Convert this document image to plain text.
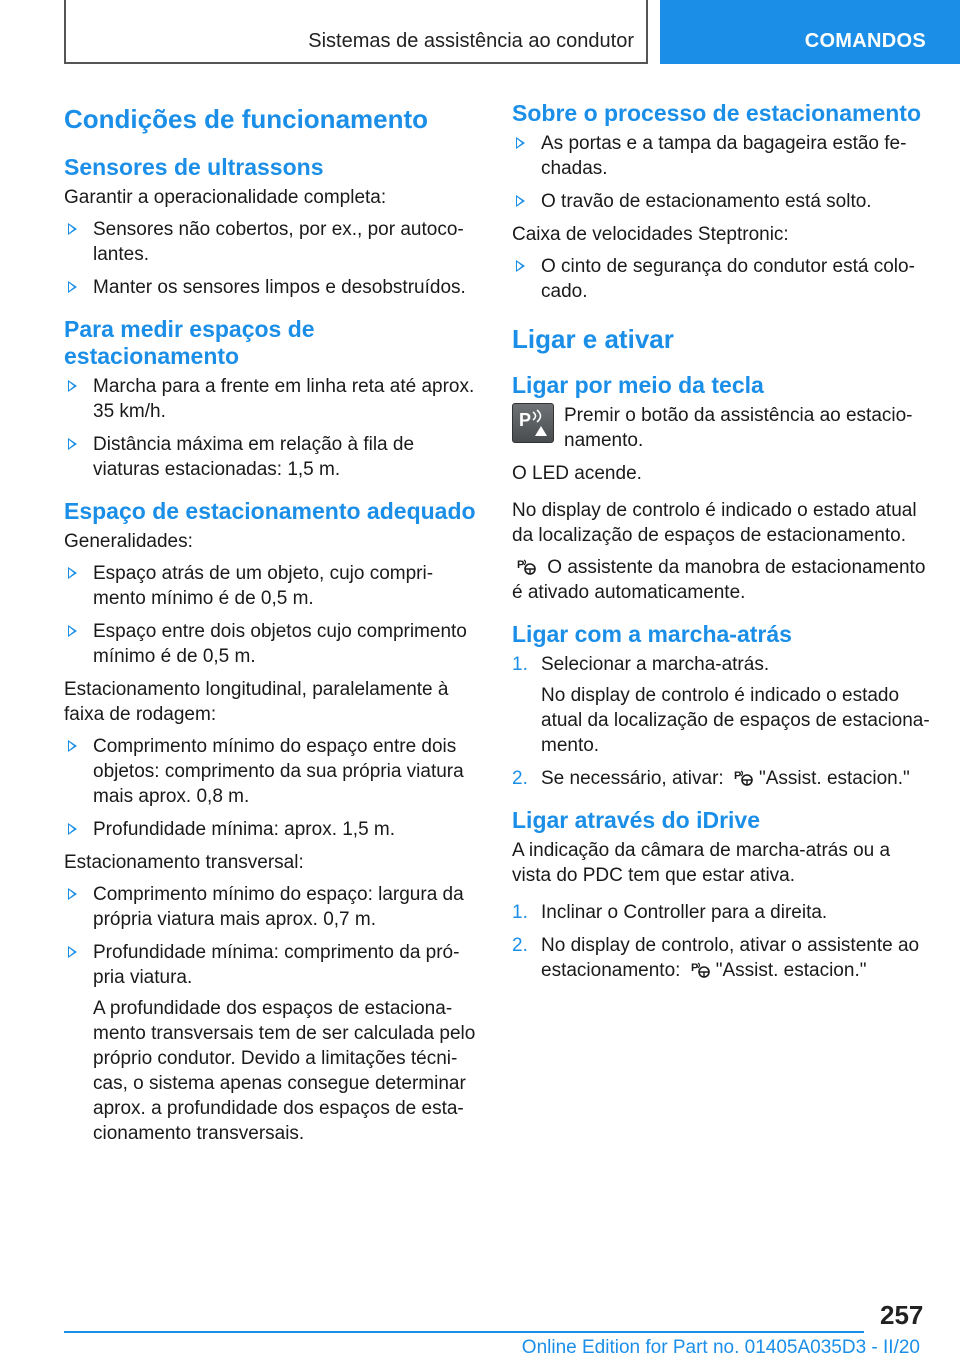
Sistemas de assistência ao condutor	COMANDOS
Condições de funcionamento
Sensores de ultrassons

Garantir a operacionalidade completa:

Sensores não cobertos, por ex., por autoco-lantes.
Manter os sensores limpos e desobstruídos.
Para medir espaços de estacionamento
Marcha para a frente em linha reta até aprox. 35 km/h.
Distância máxima em relação à fila de viaturas estacionadas: 1,5 m.
Espaço de estacionamento adequado

Generalidades:

Espaço atrás de um objeto, cujo compri-mento mínimo é de 0,5 m.
Espaço entre dois objetos cujo comprimento mínimo é de 0,5 m.

Estacionamento longitudinal, paralelamente à faixa de rodagem:

Comprimento mínimo do espaço entre dois objetos: comprimento da sua própria viatura mais aprox. 0,8 m.
Profundidade mínima: aprox. 1,5 m.

Estacionamento transversal:

Comprimento mínimo do espaço: largura da própria viatura mais aprox. 0,7 m.
Profundidade mínima: comprimento da pró-pria viatura.
A profundidade dos espaços de estaciona-mento transversais tem de ser calculada pelo próprio condutor. Devido a limitações técni-cas, o sistema apenas consegue determinar aprox. a profundidade dos espaços de esta-cionamento transversais.
Sobre o processo de estacionamento
As portas e a tampa da bagageira estão fe-chadas.
O travão de estacionamento está solto.

Caixa de velocidades Steptronic:

O cinto de segurança do condutor está colo-cado.
Ligar e ativar
Ligar por meio da tecla
P Premir o botão da assistência ao estacio-namento.

O LED acende.

No display de controlo é indicado o estado atual da localização de espaços de estacionamento.

P O assistente da manobra de estacionamento é ativado automaticamente.

Ligar com a marcha-atrás
1. Selecionar a marcha-atrás.
No display de controlo é indicado o estado atual da localização de espaços de estaciona-mento.
2. Se necessário, ativar: P "Assist. estacion."
Ligar através do iDrive

A indicação da câmara de marcha-atrás ou a vista do PDC tem que estar ativa.

1. Inclinar o Controller para a direita.
2. No display de controlo, ativar o assistente ao estacionamento: P "Assist. estacion."
257
Online Edition for Part no. 01405A035D3 - II/20
